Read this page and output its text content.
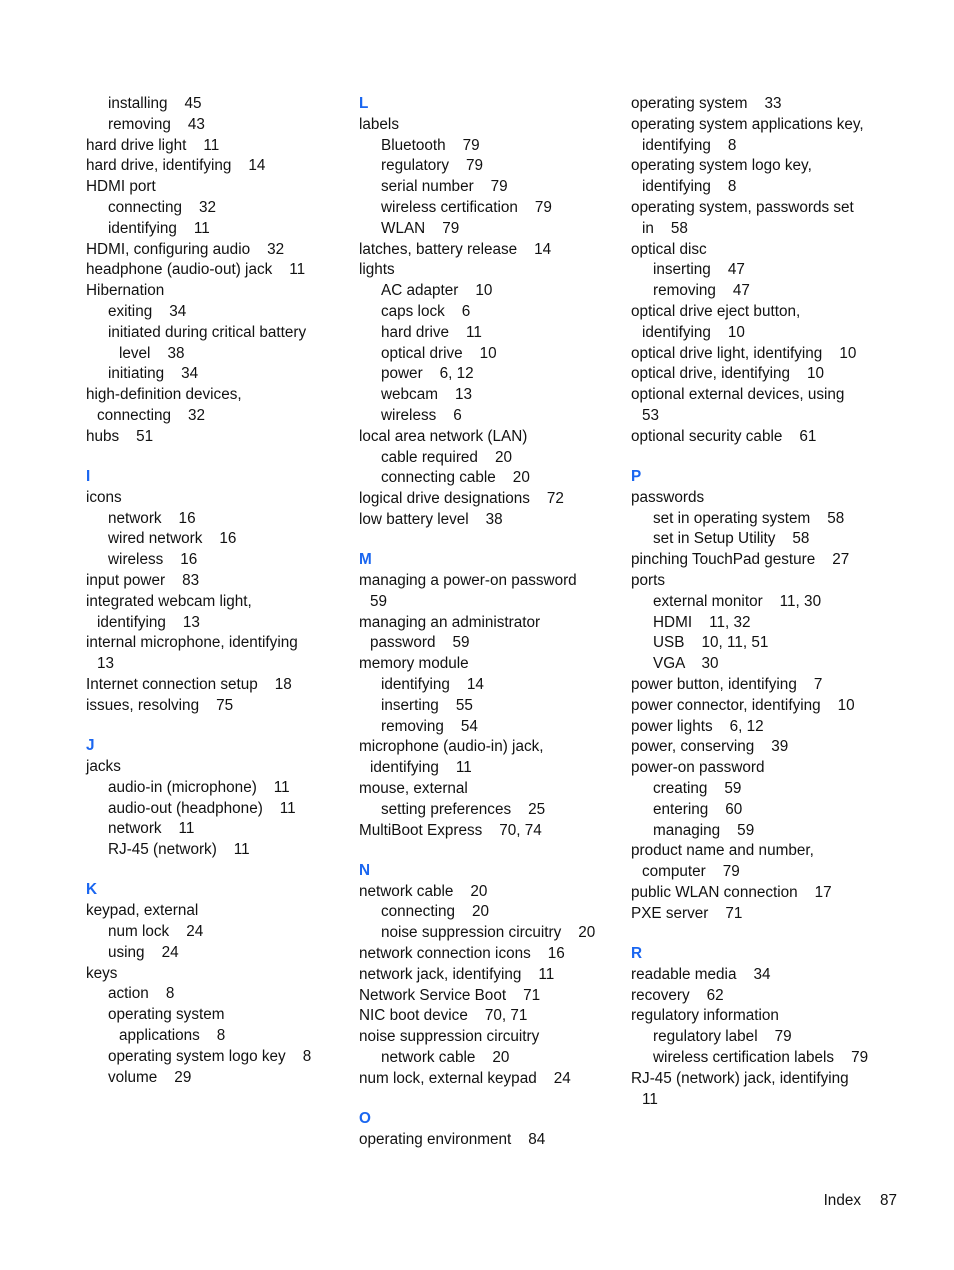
installing    45
removing    43
hard drive light    11
hard drive, identifying    14
HDMI port
connecting    32
identifying    11
HDMI, configuring audio    32
headphone (audio-out) jack    11
Hibernation
exiting    34
initiated during critical battery
level    38
initiating    34
high-definition devices,
connecting    32
hubs    51
I
icons
network    16
wired network    16
wireless    16
input power    83
integrated webcam light,
identifying    13
internal microphone, identifying
13
Internet connection setup    18
issues, resolving    75
J
jacks
audio-in (microphone)    11
audio-out (headphone)    11
network    11
RJ-45 (network)    11
K
keypad, external
num lock    24
using    24
keys
action    8
operating system
applications    8
operating system logo key    8
volume    29
L
labels
Bluetooth    79
regulatory    79
serial number    79
wireless certification    79
WLAN    79
latches, battery release    14
lights
AC adapter    10
caps lock    6
hard drive    11
optical drive    10
power    6, 12
webcam    13
wireless    6
local area network (LAN)
cable required    20
connecting cable    20
logical drive designations    72
low battery level    38
M
managing a power-on password
59
managing an administrator
password    59
memory module
identifying    14
inserting    55
removing    54
microphone (audio-in) jack,
identifying    11
mouse, external
setting preferences    25
MultiBoot Express    70, 74
N
network cable    20
connecting    20
noise suppression circuitry    20
network connection icons    16
network jack, identifying    11
Network Service Boot    71
NIC boot device    70, 71
noise suppression circuitry
network cable    20
num lock, external keypad    24
O
operating environment    84
operating system    33
operating system applications key,
identifying    8
operating system logo key,
identifying    8
operating system, passwords set
in    58
optical disc
inserting    47
removing    47
optical drive eject button,
identifying    10
optical drive light, identifying    10
optical drive, identifying    10
optional external devices, using
53
optional security cable    61
P
passwords
set in operating system    58
set in Setup Utility    58
pinching TouchPad gesture    27
ports
external monitor    11, 30
HDMI    11, 32
USB    10, 11, 51
VGA    30
power button, identifying    7
power connector, identifying    10
power lights    6, 12
power, conserving    39
power-on password
creating    59
entering    60
managing    59
product name and number,
computer    79
public WLAN connection    17
PXE server    71
R
readable media    34
recovery    62
regulatory information
regulatory label    79
wireless certification labels    79
RJ-45 (network) jack, identifying
11
Index 87
